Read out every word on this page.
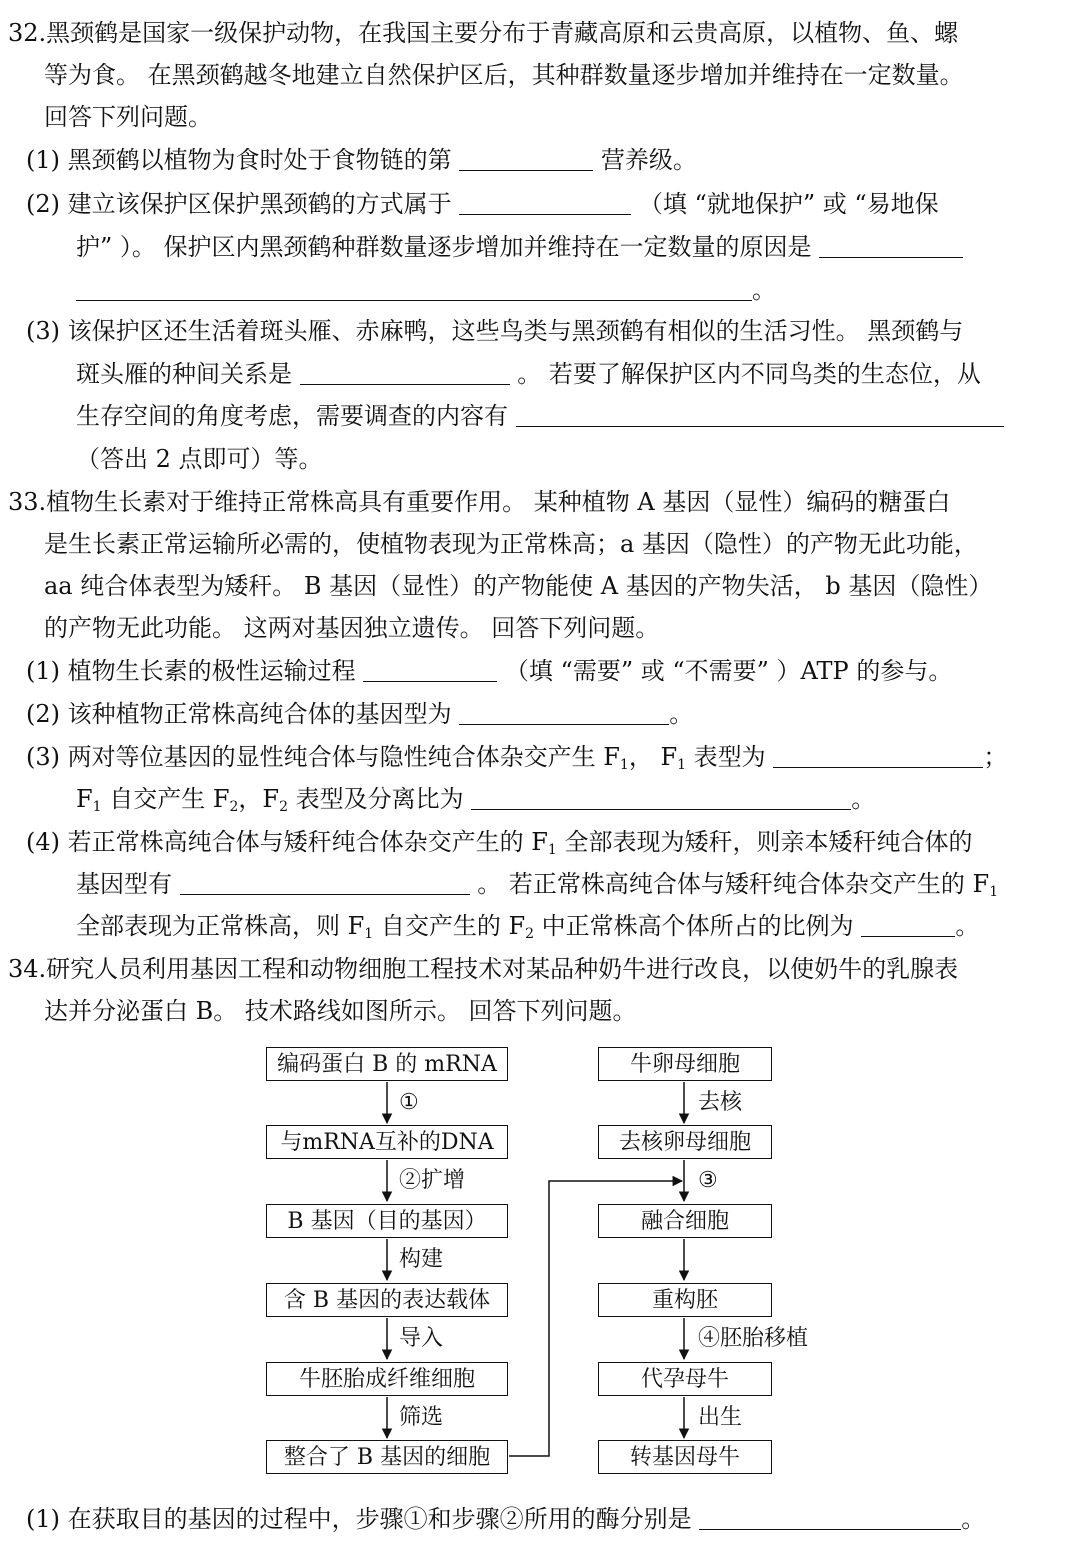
32.黑颈鹤是国家一级保护动物，在我国主要分布于青藏高原和云贵高原，以植物、鱼、螺
等为食。 在黑颈鹤越冬地建立自然保护区后，其种群数量逐步增加并维持在一定数量。
回答下列问题。
(1) 黑颈鹤以植物为食时处于食物链的第	营养级。
(2) 建立该保护区保护黑颈鹤的方式属于	（填 “就地保护” 或 “易地保
护” ）。 保护区内黑颈鹤种群数量逐步增加并维持在一定数量的原因是
。
(3) 该保护区还生活着斑头雁、赤麻鸭，这些鸟类与黑颈鹤有相似的生活习性。 黑颈鹤与
斑头雁的种间关系是	。 若要了解保护区内不同鸟类的生态位，从
生存空间的角度考虑，需要调查的内容有
（答出 2 点即可）等。
33.植物生长素对于维持正常株高具有重要作用。 某种植物 A 基因（显性）编码的糖蛋白
是生长素正常运输所必需的，使植物表现为正常株高；a 基因（隐性）的产物无此功能，
aa 纯合体表型为矮秆。 B 基因（显性）的产物能使 A 基因的产物失活， b 基因（隐性）
的产物无此功能。 这两对基因独立遗传。 回答下列问题。
(1) 植物生长素的极性运输过程	（填 “需要” 或 “不需要” ）ATP 的参与。
(2) 该种植物正常株高纯合体的基因型为	。
(3) 两对等位基因的显性纯合体与隐性纯合体杂交产生 $F_1$， $F_1$ 表型为	；
$F_1$ 自交产生 $F_2$，$F_2$ 表型及分离比为	。
(4) 若正常株高纯合体与矮秆纯合体杂交产生的 $F_1$ 全部表现为矮秆，则亲本矮秆纯合体的
基因型有	。 若正常株高纯合体与矮秆纯合体杂交产生的 $F_1$
全部表现为正常株高，则 $F_1$ 自交产生的 $F_2$ 中正常株高个体所占的比例为	。
34.研究人员利用基因工程和动物细胞工程技术对某品种奶牛进行改良，以使奶牛的乳腺表
达并分泌蛋白 B。 技术路线如图所示。 回答下列问题。
编码蛋白 B 的 mRNA
与mRNA互补的DNA
B 基因（目的基因）
含 B 基因的表达载体
牛胚胎成纤维细胞
整合了 B 基因的细胞
①
②扩增
构建
导入
筛选
牛卵母细胞
去核卵母细胞
融合细胞
重构胚
代孕母牛
转基因母牛
去核
③
④胚胎移植
出生
(1) 在获取目的基因的过程中，步骤①和步骤②所用的酶分别是	。
